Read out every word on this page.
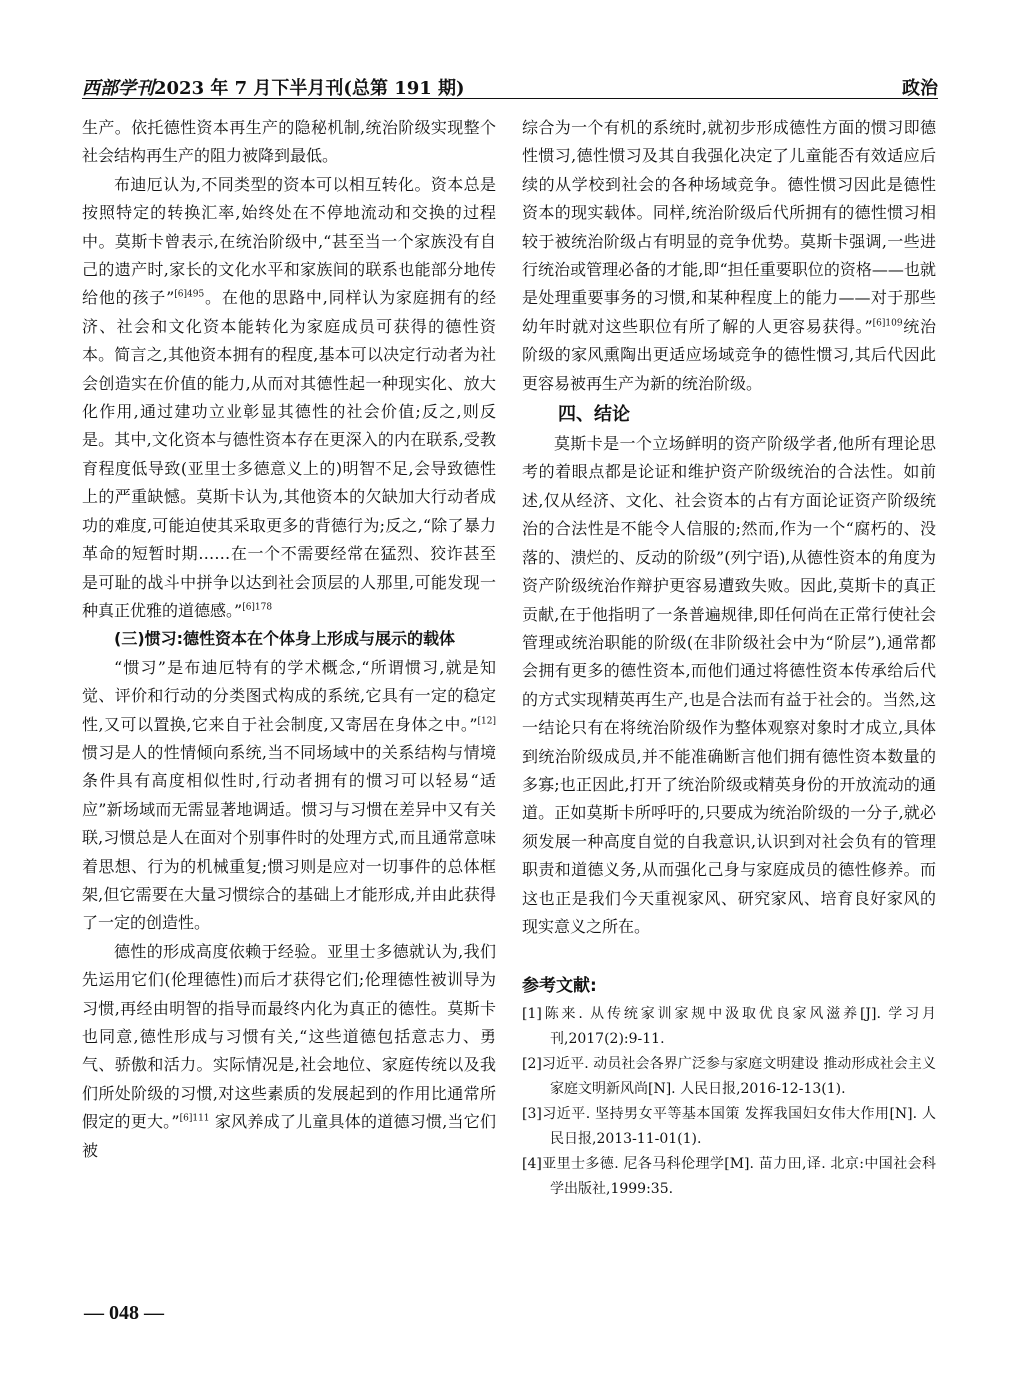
西部学刊2023 年 7 月下半月刊(总第 191 期)	政治

生产。依托德性资本再生产的隐秘机制,统治阶级实现整个社会结构再生产的阻力被降到最低。

布迪厄认为,不同类型的资本可以相互转化。资本总是按照特定的转换汇率,始终处在不停地流动和交换的过程中。莫斯卡曾表示,在统治阶级中,“甚至当一个家族没有自己的遗产时,家长的文化水平和家族间的联系也能部分地传给他的孩子”$^{[6]495}$。在他的思路中,同样认为家庭拥有的经济、社会和文化资本能转化为家庭成员可获得的德性资本。简言之,其他资本拥有的程度,基本可以决定行动者为社会创造实在价值的能力,从而对其德性起一种现实化、放大化作用,通过建功立业彰显其德性的社会价值;反之,则反是。其中,文化资本与德性资本存在更深入的内在联系,受教育程度低导致(亚里士多德意义上的)明智不足,会导致德性上的严重缺憾。莫斯卡认为,其他资本的欠缺加大行动者成功的难度,可能迫使其采取更多的背德行为;反之,“除了暴力革命的短暂时期……在一个不需要经常在猛烈、狡诈甚至是可耻的战斗中拼争以达到社会顶层的人那里,可能发现一种真正优雅的道德感。”$^{[6]178}$

(三)惯习:德性资本在个体身上形成与展示的载体

“惯习”是布迪厄特有的学术概念,“所谓惯习,就是知觉、评价和行动的分类图式构成的系统,它具有一定的稳定性,又可以置换,它来自于社会制度,又寄居在身体之中。”[12]惯习是人的性情倾向系统,当不同场域中的关系结构与情境条件具有高度相似性时,行动者拥有的惯习可以轻易“适应”新场域而无需显著地调适。惯习与习惯在差异中又有关联,习惯总是人在面对个别事件时的处理方式,而且通常意味着思想、行为的机械重复;惯习则是应对一切事件的总体框架,但它需要在大量习惯综合的基础上才能形成,并由此获得了一定的创造性。

德性的形成高度依赖于经验。亚里士多德就认为,我们先运用它们(伦理德性)而后才获得它们;伦理德性被训导为习惯,再经由明智的指导而最终内化为真正的德性。莫斯卡也同意,德性形成与习惯有关,“这些道德包括意志力、勇气、骄傲和活力。实际情况是,社会地位、家庭传统以及我们所处阶级的习惯,对这些素质的发展起到的作用比通常所假定的更大。”$^{[6]111}$ 家风养成了儿童具体的道德习惯,当它们被

综合为一个有机的系统时,就初步形成德性方面的惯习即德性惯习,德性惯习及其自我强化决定了儿童能否有效适应后续的从学校到社会的各种场域竞争。德性惯习因此是德性资本的现实载体。同样,统治阶级后代所拥有的德性惯习相较于被统治阶级占有明显的竞争优势。莫斯卡强调,一些进行统治或管理必备的才能,即“担任重要职位的资格——也就是处理重要事务的习惯,和某种程度上的能力——对于那些幼年时就对这些职位有所了解的人更容易获得。”$^{[6]109}$统治阶级的家风熏陶出更适应场域竞争的德性惯习,其后代因此更容易被再生产为新的统治阶级。

四、结论

莫斯卡是一个立场鲜明的资产阶级学者,他所有理论思考的着眼点都是论证和维护资产阶级统治的合法性。如前述,仅从经济、文化、社会资本的占有方面论证资产阶级统治的合法性是不能令人信服的;然而,作为一个“腐朽的、没落的、溃烂的、反动的阶级”(列宁语),从德性资本的角度为资产阶级统治作辩护更容易遭致失败。因此,莫斯卡的真正贡献,在于他指明了一条普遍规律,即任何尚在正常行使社会管理或统治职能的阶级(在非阶级社会中为“阶层”),通常都会拥有更多的德性资本,而他们通过将德性资本传承给后代的方式实现精英再生产,也是合法而有益于社会的。当然,这一结论只有在将统治阶级作为整体观察对象时才成立,具体到统治阶级成员,并不能准确断言他们拥有德性资本数量的多寡;也正因此,打开了统治阶级或精英身份的开放流动的通道。正如莫斯卡所呼吁的,只要成为统治阶级的一分子,就必须发展一种高度自觉的自我意识,认识到对社会负有的管理职责和道德义务,从而强化己身与家庭成员的德性修养。而这也正是我们今天重视家风、研究家风、培育良好家风的现实意义之所在。

参考文献:

[1]陈来. 从传统家训家规中汲取优良家风滋养[J]. 学习月刊,2017(2):9-11.

[2]习近平. 动员社会各界广泛参与家庭文明建设 推动形成社会主义家庭文明新风尚[N]. 人民日报,2016-12-13(1).

[3]习近平. 坚持男女平等基本国策 发挥我国妇女伟大作用[N]. 人民日报,2013-11-01(1).

[4]亚里士多德. 尼各马科伦理学[M]. 苗力田,译. 北京:中国社会科学出版社,1999:35.

— 048 —
